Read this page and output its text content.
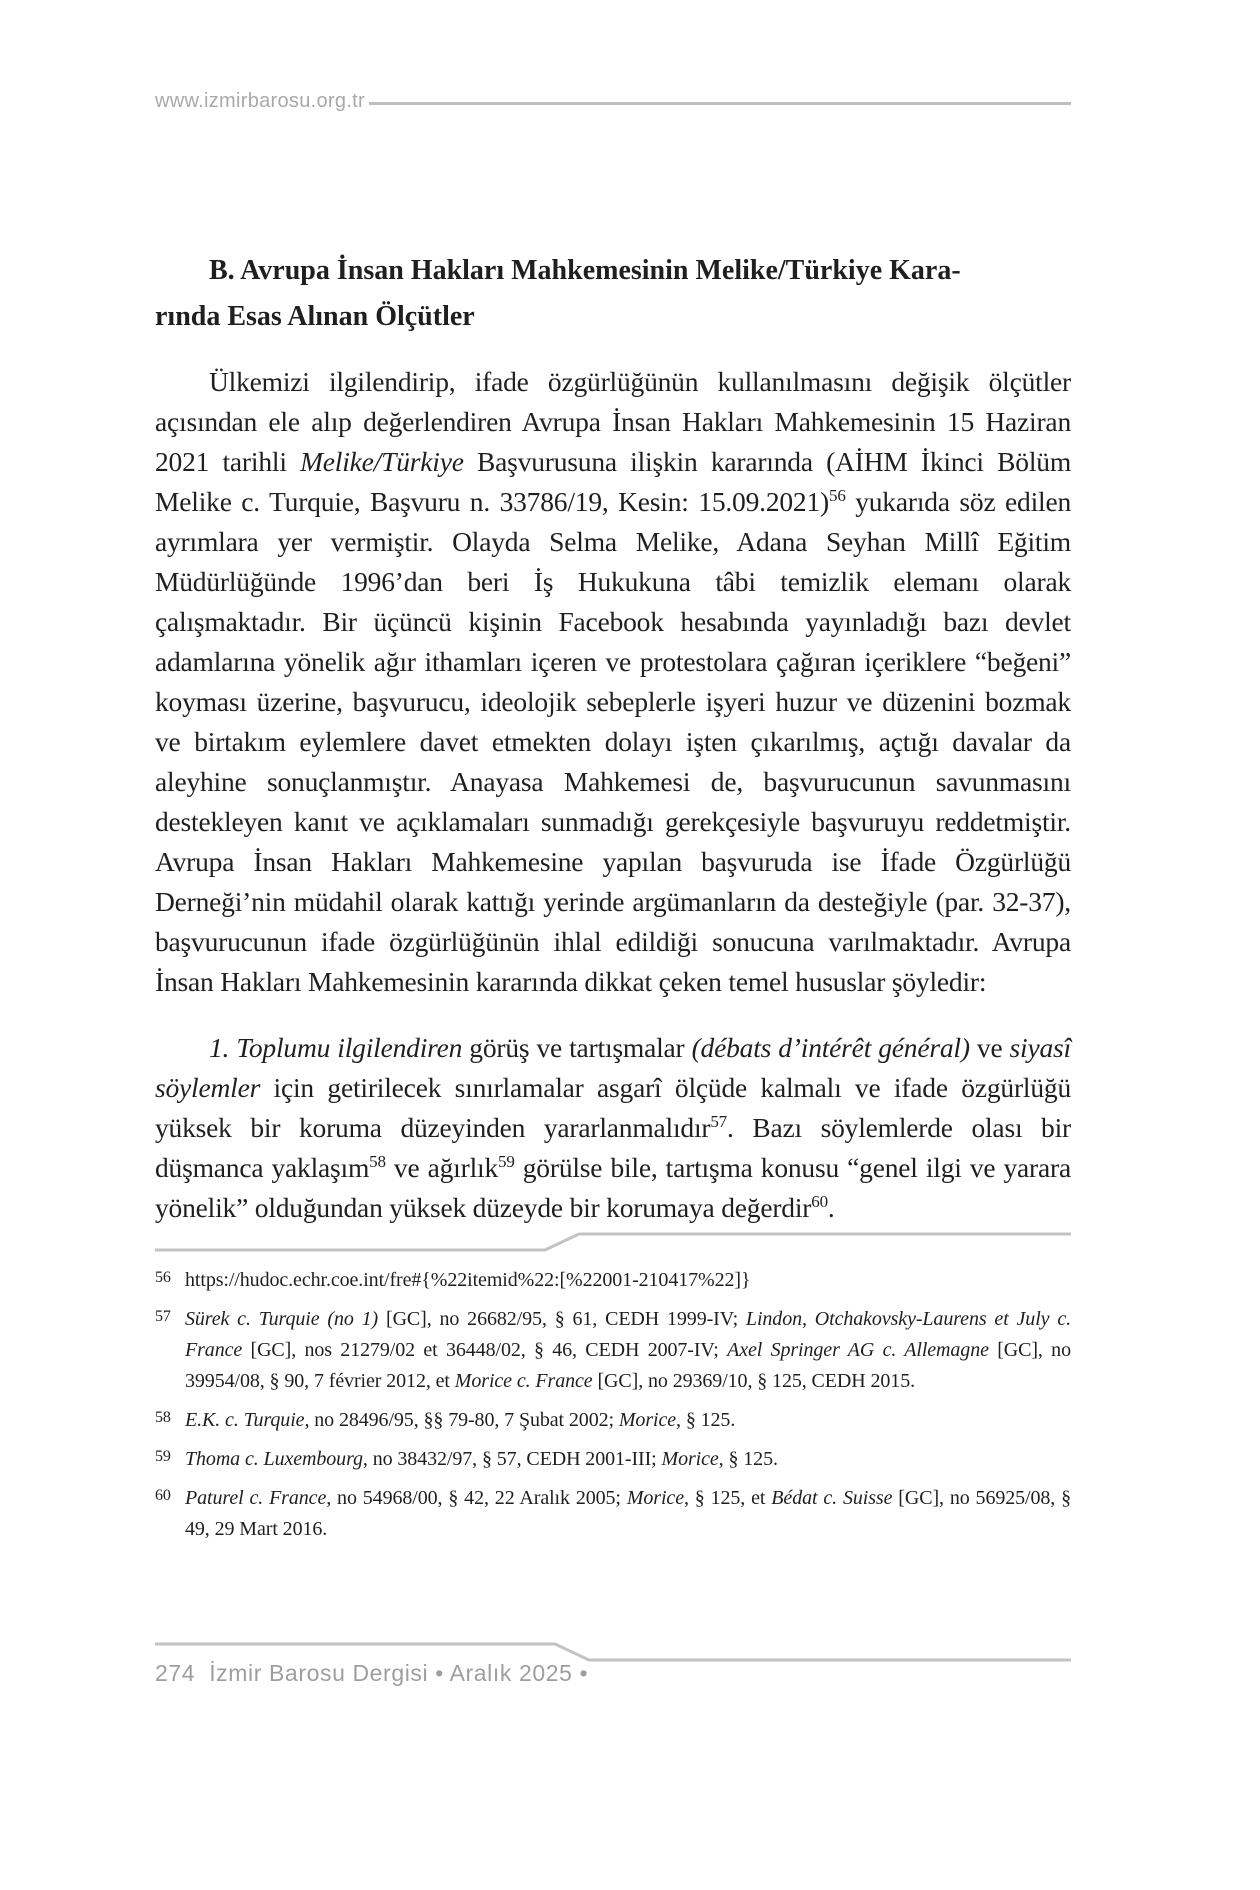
www.izmirbarosu.org.tr
B. Avrupa İnsan Hakları Mahkemesinin Melike/Türkiye Kara-
rında Esas Alınan Ölçütler

Ülkemizi ilgilendirip, ifade özgürlüğünün kullanılmasını değişik ölçütler açısından ele alıp değerlendiren Avrupa İnsan Hakları Mahkemesinin 15 Haziran 2021 tarihli Melike/Türkiye Başvurusuna ilişkin kararında (AİHM İkinci Bölüm Melike c. Turquie, Başvuru n. 33786/19, Kesin: 15.09.2021)$^{56}$ yukarıda söz edilen ayrımlara yer vermiştir. Olayda Selma Melike, Adana Seyhan Millî Eğitim Müdürlüğünde 1996’dan beri İş Hukukuna tâbi temizlik elemanı olarak çalışmaktadır. Bir üçüncü kişinin Facebook hesabında yayınladığı bazı devlet adamlarına yönelik ağır ithamları içeren ve protestolara çağıran içeriklere “beğeni” koyması üzerine, başvurucu, ideolojik sebeplerle işyeri huzur ve düzenini bozmak ve birtakım eylemlere davet etmekten dolayı işten çıkarılmış, açtığı davalar da aleyhine sonuçlanmıştır. Anayasa Mahkemesi de, başvurucunun savunmasını destekleyen kanıt ve açıklamaları sunmadığı gerekçesiyle başvuruyu reddetmiştir. Avrupa İnsan Hakları Mahkemesine yapılan başvuruda ise İfade Özgürlüğü Derneği’nin müdahil olarak kattığı yerinde argümanların da desteğiyle (par. 32-37), başvurucunun ifade özgürlüğünün ihlal edildiği sonucuna varılmaktadır. Avrupa İnsan Hakları Mahkemesinin kararında dikkat çeken temel hususlar şöyledir:

1. Toplumu ilgilendiren görüş ve tartışmalar (débats d’intérêt général) ve siyasî söylemler için getirilecek sınırlamalar asgarî ölçüde kalmalı ve ifade özgürlüğü yüksek bir koruma düzeyinden yararlanmalıdır$^{57}$. Bazı söylemlerde olası bir düşmanca yaklaşım$^{58}$ ve ağırlık$^{59}$ görülse bile, tartışma konusu “genel ilgi ve yarara yönelik” olduğundan yüksek düzeyde bir korumaya değerdir$^{60}$.

56 https://hudoc.echr.coe.int/fre#{%22itemid%22:[%22001-210417%22]}
57 Sürek c. Turquie (no 1) [GC], no 26682/95, § 61, CEDH 1999-IV; Lindon, Otchakovsky-Laurens et July c. France [GC], nos 21279/02 et 36448/02, § 46, CEDH 2007-IV; Axel Springer AG c. Allemagne [GC], no 39954/08, § 90, 7 février 2012, et Morice c. France [GC], no 29369/10, § 125, CEDH 2015.
58 E.K. c. Turquie, no 28496/95, §§ 79-80, 7 Şubat 2002; Morice, § 125.
59 Thoma c. Luxembourg, no 38432/97, § 57, CEDH 2001-III; Morice, § 125.
60 Paturel c. France, no 54968/00, § 42, 22 Aralık 2005; Morice, § 125, et Bédat c. Suisse [GC], no 56925/08, § 49, 29 Mart 2016.
274 İzmir Barosu Dergisi • Aralık 2025 •
